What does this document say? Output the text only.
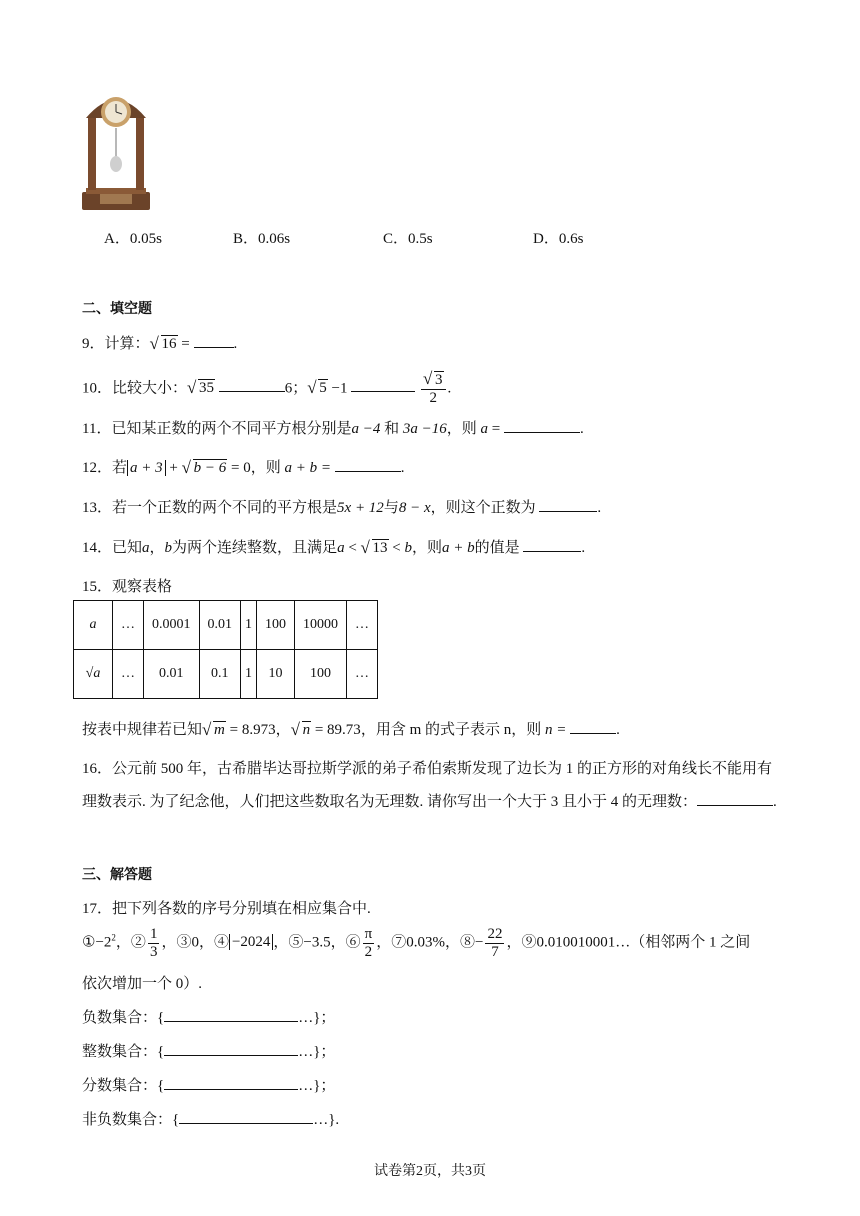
A．0.05s	B．0.06s	C．0.5s	D．0.6s
二、填空题
9．计算： √ 16 =	.
10．比较大小： √ 35	6； √ 5 −1	√ $\frac{3}{2}$ .
11．已知某正数的两个不同平方根分别是a −4 和 3a −16，则 a =	.
12．若 a + 3 + √ b − 6 = 0，则 a + b =	.
13．若一个正数的两个不同的平方根是5x + 12与8 − x，则这个正数为	.
14．已知a，b为两个连续整数，且满足a < √ 13 < b，则a + b的值是	.
15．观察表格
a	…	0.0001	0.01	1	100	10000	…
√a	…	0.01	0.1	1	10	100	…
按表中规律若已知 √ m = 8.973， √ n = 89.73，用含 m 的式子表示 n，则 n =	.
16．公元前 500 年，古希腊毕达哥拉斯学派的弟子希伯索斯发现了边长为 1 的正方形的对角线长不能用有
理数表示. 为了纪念他，人们把这些数取名为无理数. 请你写出一个大于 3 且小于 4 的无理数：	.
三、解答题
17．把下列各数的序号分别填在相应集合中.
$①-2^2$，② $\frac{1}{3}$ ，③0，④ −2024 ，⑤−3.5，⑥ $\frac{\pi}{2}$ ，⑦0.03%，⑧− $\frac{22}{7}$ ，⑨0.010010001…（相邻两个 1 之间
依次增加一个 0）.
负数集合：{	…}；
整数集合：{	…}；
分数集合：{	…}；
非负数集合：{	…}.
试卷第2页，共3页
